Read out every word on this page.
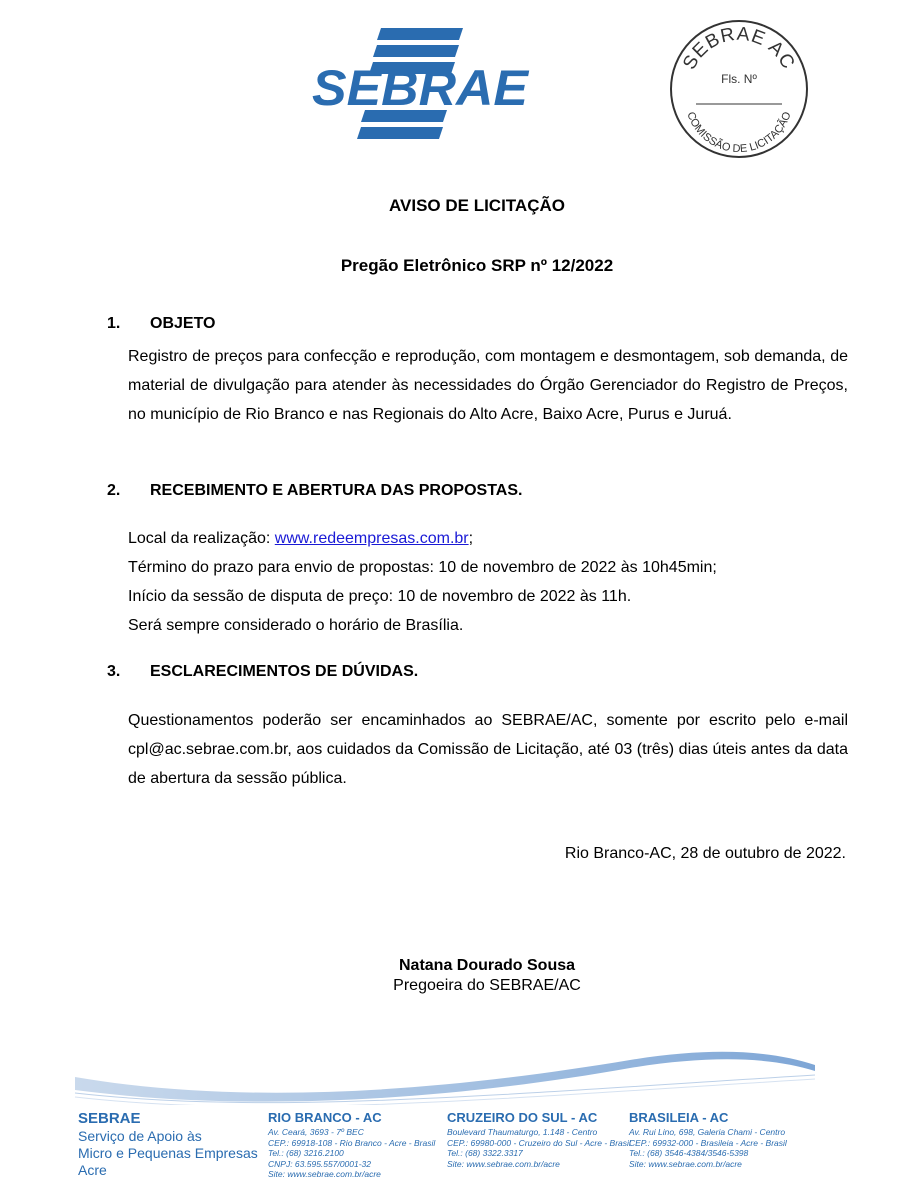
SEBRAE	SEBRAE AC
Fls. Nº
COMISSÃO DE LICITAÇÃO
AVISO DE LICITAÇÃO
Pregão Eletrônico SRP nº 12/2022
1. OBJETO

Registro de preços para confecção e reprodução, com montagem e desmontagem, sob demanda, de material de divulgação para atender às necessidades do Órgão Gerenciador do Registro de Preços, no município de Rio Branco e nas Regionais do Alto Acre, Baixo Acre, Purus e Juruá.

2. RECEBIMENTO E ABERTURA DAS PROPOSTAS.
Local da realização: www.redeempresas.com.br;
Término do prazo para envio de propostas: 10 de novembro de 2022 às 10h45min;
Início da sessão de disputa de preço: 10 de novembro de 2022 às 11h.
Será sempre considerado o horário de Brasília.
3. ESCLARECIMENTOS DE DÚVIDAS.

Questionamentos poderão ser encaminhados ao SEBRAE/AC, somente por escrito pelo e-mail cpl@ac.sebrae.com.br, aos cuidados da Comissão de Licitação, até 03 (três) dias úteis antes da data de abertura da sessão pública.

Rio Branco-AC, 28 de outubro de 2022.
Natana Dourado Sousa
Pregoeira do SEBRAE/AC
SEBRAE
Serviço de Apoio às
Micro e Pequenas Empresas
Acre
RIO BRANCO - AC
Av. Ceará, 3693 - 7º BEC
CEP.: 69918-108 - Rio Branco - Acre - Brasil
Tel.: (68) 3216.2100
CNPJ: 63.595.557/0001-32
Site: www.sebrae.com.br/acre
CRUZEIRO DO SUL - AC
Boulevard Thaumaturgo, 1.148 - Centro
CEP.: 69980-000 - Cruzeiro do Sul - Acre - Brasil
Tel.: (68) 3322.3317
Site: www.sebrae.com.br/acre
BRASILEIA - AC
Av. Rui Lino, 698, Galeria Chami - Centro
CEP.: 69932-000 - Brasileia - Acre - Brasil
Tel.: (68) 3546-4384/3546-5398
Site: www.sebrae.com.br/acre
